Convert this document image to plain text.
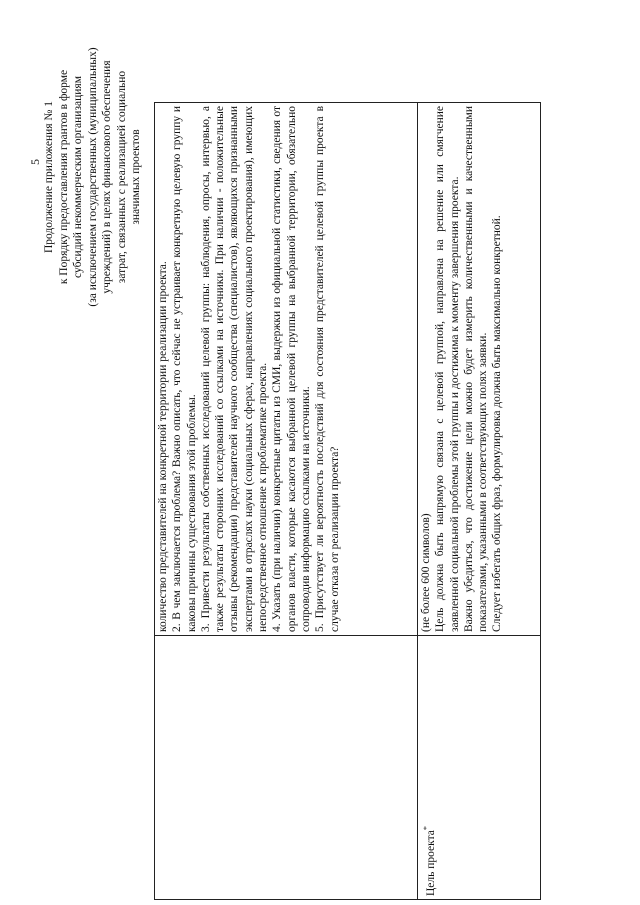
5 Продолжение приложения № 1 к Порядку предоставления грантов в форме субсидий некоммерческим организациям (за исключением государственных (муниципальных) учреждений) в целях финансового обеспечения затрат, связанных с реализацией социально значимых проектов

	количество представителей на конкретной территории реализации проекта. 2. В чем заключается проблема? Важно описать, что сейчас не устраивает конкретную целевую группу и каковы причины существования этой проблемы. 3. Привести результаты собственных исследований целевой группы: наблюдения, опросы, интервью, а также результаты сторонних исследований со ссылками на источники. При наличии - положительные отзывы (рекомендации) представителей научного сообщества (специалистов), являющихся признанными экспертами в отраслях науки (социальных сферах, направлениях социального проектирования), имеющих непосредственное отношение к проблематике проекта. 4. Указать (при наличии) конкретные цитаты из СМИ, выдержки из официальной статистики, сведения от органов власти, которые касаются выбранной целевой группы на выбранной территории, обязательно сопроводив информацию ссылками на источники. 5. Присутствует ли вероятность последствий для состояния представителей целевой группы проекта в случае отказа от реализации проекта?

Цель проекта*	(не более 600 символов) Цель должна быть напрямую связана с целевой группой, направлена на решение или смягчение заявленной социальной проблемы этой группы и достижима к моменту завершения проекта. Важно убедиться, что достижение цели можно будет измерить количественными и качественными показателями, указанными в соответствующих полях заявки. Следует избегать общих фраз, формулировка должна быть максимально конкретной.
